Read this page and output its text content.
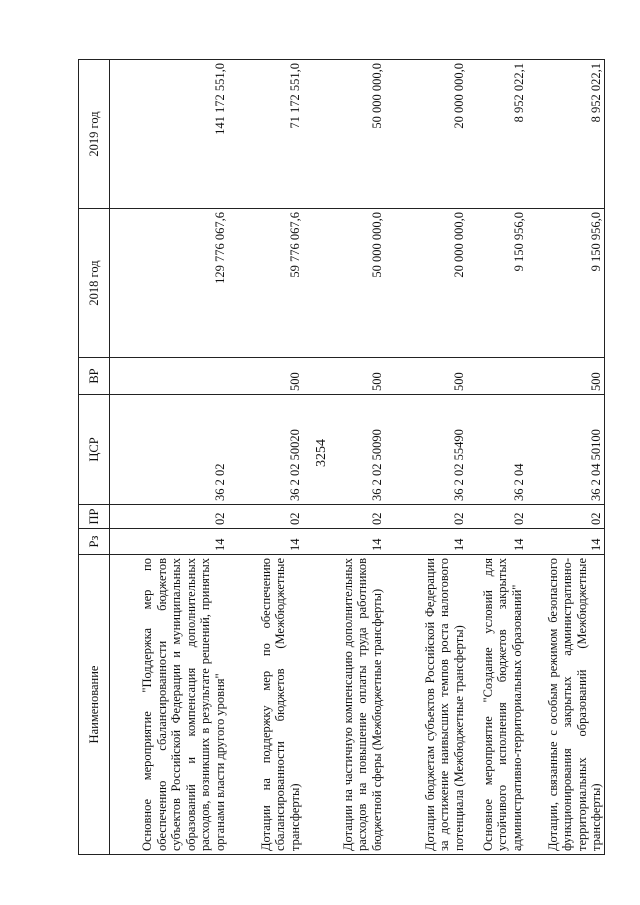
3254
Наименование	Рз	ПР	ЦСР	ВР	2018 год	2019 год
Основное мероприятие "Поддержка мер по обеспечению сбалансированности бюджетов субъектов Российской Федерации и муниципальных образований и компенсация дополнительных расходов, возникших в результате решений, принятых органами власти другого уровня"	14	02	36 2 02		129 776 067,6	141 172 551,0
Дотации на поддержку мер по обеспечению сбалансированности бюджетов (Межбюджетные трансферты)	14	02	36 2 02 50020	500	59 776 067,6	71 172 551,0
Дотации на частичную компенсацию дополнительных расходов на повышение оплаты труда работников бюджетной сферы (Межбюджетные трансферты)	14	02	36 2 02 50090	500	50 000 000,0	50 000 000,0
Дотации бюджетам субъектов Российской Федерации за достижение наивысших темпов роста налогового потенциала (Межбюджетные трансферты)	14	02	36 2 02 55490	500	20 000 000,0	20 000 000,0
Основное мероприятие "Создание условий для устойчивого исполнения бюджетов закрытых административно-территориальных образований"	14	02	36 2 04		9 150 956,0	8 952 022,1
Дотации, связанные с особым режимом безопасного функционирования закрытых административно-территориальных образований (Межбюджетные трансферты)	14	02	36 2 04 50100	500	9 150 956,0	8 952 022,1
